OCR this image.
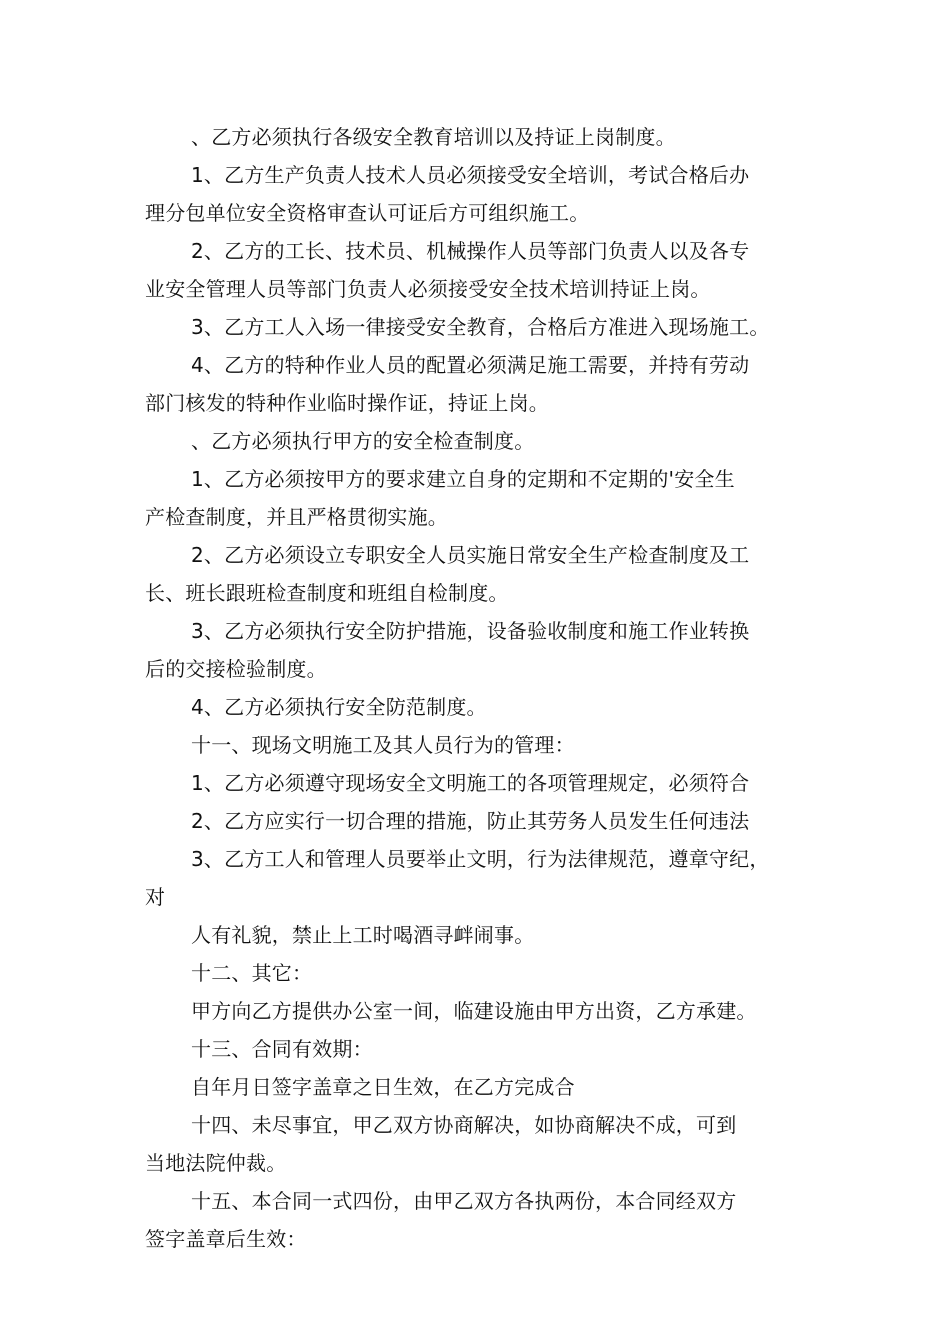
、乙方必须执行各级安全教育培训以及持证上岗制度。
1、乙方生产负责人技术人员必须接受安全培训，考试合格后办
理分包单位安全资格审查认可证后方可组织施工。
2、乙方的工长、技术员、机械操作人员等部门负责人以及各专
业安全管理人员等部门负责人必须接受安全技术培训持证上岗。
3、乙方工人入场一律接受安全教育，合格后方准进入现场施工。
4、乙方的特种作业人员的配置必须满足施工需要，并持有劳动
部门核发的特种作业临时操作证，持证上岗。
、乙方必须执行甲方的安全检查制度。
1、乙方必须按甲方的要求建立自身的定期和不定期的'安全生
产检查制度，并且严格贯彻实施。
2、乙方必须设立专职安全人员实施日常安全生产检查制度及工
长、班长跟班检查制度和班组自检制度。
3、乙方必须执行安全防护措施，设备验收制度和施工作业转换
后的交接检验制度。
4、乙方必须执行安全防范制度。
十一、现场文明施工及其人员行为的管理：
1、乙方必须遵守现场安全文明施工的各项管理规定，必须符合
2、乙方应实行一切合理的措施，防止其劳务人员发生任何违法
3、乙方工人和管理人员要举止文明，行为法律规范，遵章守纪，
对
人有礼貌，禁止上工时喝酒寻衅闹事。
十二、其它：
甲方向乙方提供办公室一间，临建设施由甲方出资，乙方承建。
十三、合同有效期：
自年月日签字盖章之日生效，在乙方完成合
十四、未尽事宜，甲乙双方协商解决，如协商解决不成，可到
当地法院仲裁。
十五、本合同一式四份，由甲乙双方各执两份，本合同经双方
签字盖章后生效：
